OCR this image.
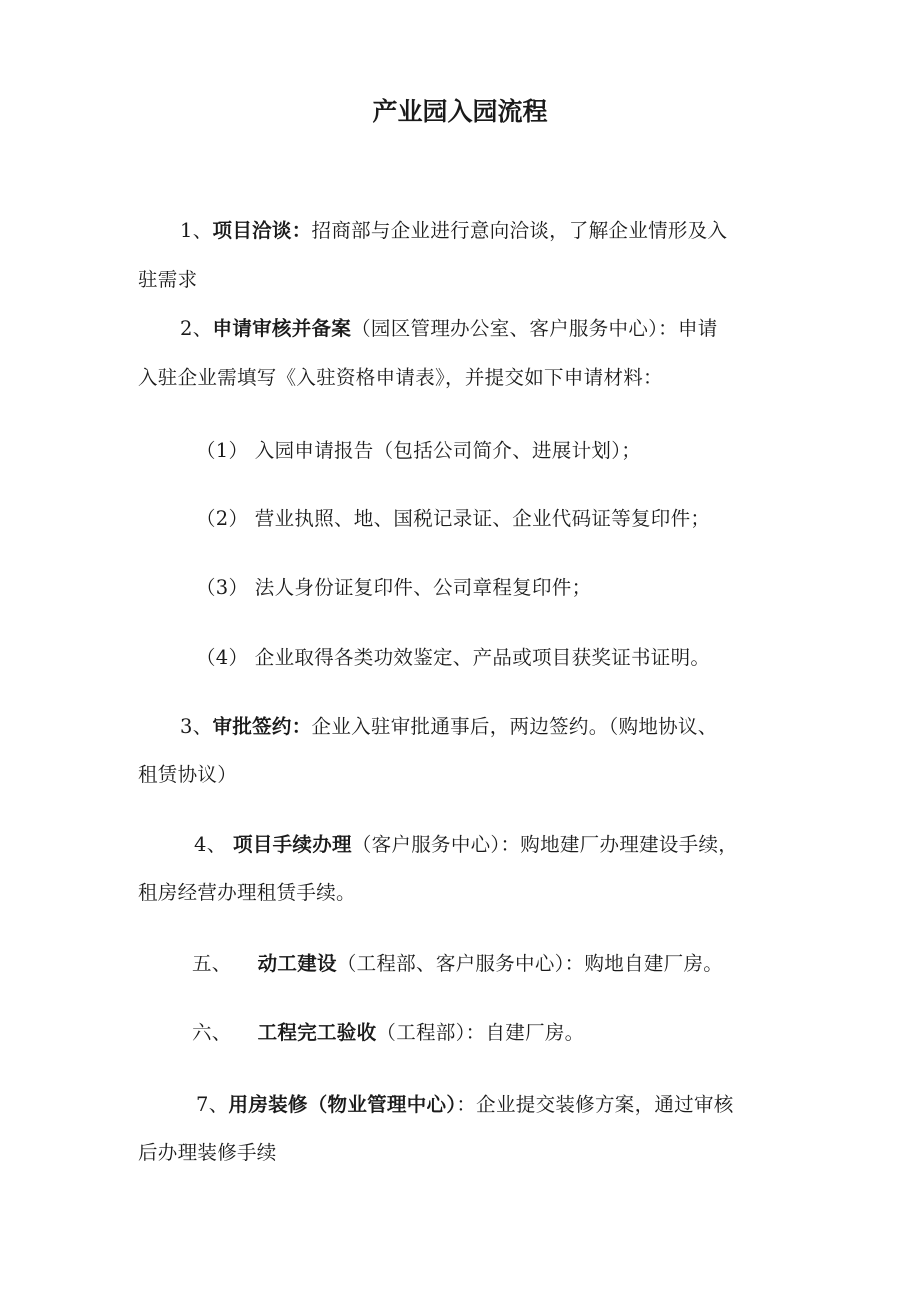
产业园入园流程
1、项目洽谈：招商部与企业进行意向洽谈，了解企业情形及入
驻需求
2、申请审核并备案（园区管理办公室、客户服务中心）：申请
入驻企业需填写《入驻资格申请表》，并提交如下申请材料：
（1） 入园申请报告（包括公司简介、进展计划）；
（2） 营业执照、地、国税记录证、企业代码证等复印件；
（3） 法人身份证复印件、公司章程复印件；
（4） 企业取得各类功效鉴定、产品或项目获奖证书证明。
3、审批签约：企业入驻审批通事后，两边签约。（购地协议、
租赁协议）
4、 项目手续办理（客户服务中心）：购地建厂办理建设手续，
租房经营办理租赁手续。
五、    动工建设（工程部、客户服务中心）：购地自建厂房。
六、    工程完工验收（工程部）：自建厂房。
7、用房装修（物业管理中心）：企业提交装修方案，通过审核
后办理装修手续
